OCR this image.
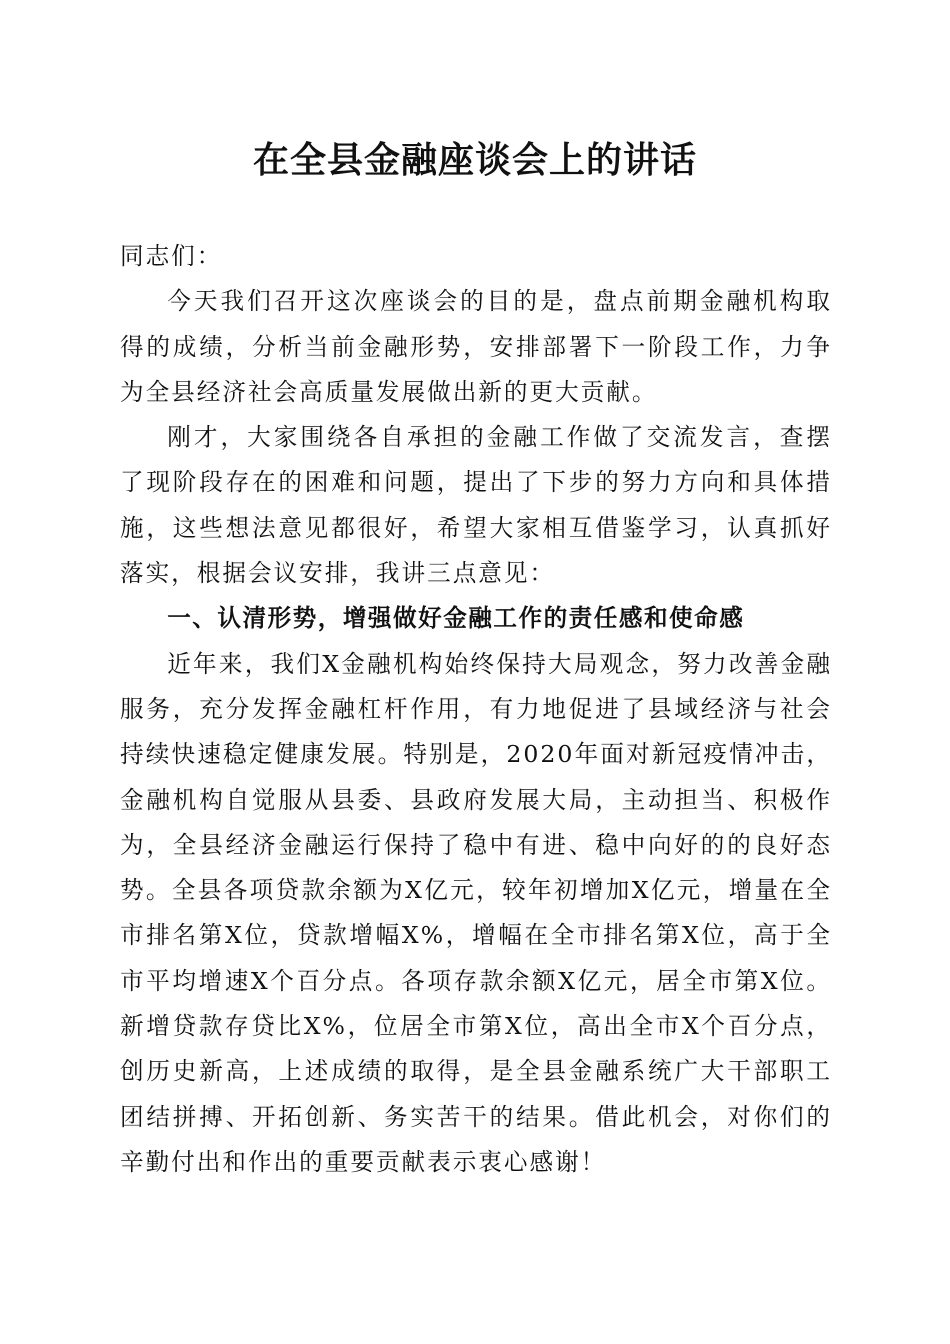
在全县金融座谈会上的讲话

同志们：

今天我们召开这次座谈会的目的是，盘点前期金融机构取得的成绩，分析当前金融形势，安排部署下一阶段工作，力争为全县经济社会高质量发展做出新的更大贡献。

刚才，大家围绕各自承担的金融工作做了交流发言，查摆了现阶段存在的困难和问题，提出了下步的努力方向和具体措施，这些想法意见都很好，希望大家相互借鉴学习，认真抓好落实，根据会议安排，我讲三点意见：

一、认清形势，增强做好金融工作的责任感和使命感

近年来，我们X金融机构始终保持大局观念，努力改善金融服务，充分发挥金融杠杆作用，有力地促进了县域经济与社会持续快速稳定健康发展。特别是，2020年面对新冠疫情冲击，金融机构自觉服从县委、县政府发展大局，主动担当、积极作为，全县经济金融运行保持了稳中有进、稳中向好的的良好态势。全县各项贷款余额为X亿元，较年初增加X亿元，增量在全市排名第X位，贷款增幅X%，增幅在全市排名第X位，高于全市平均增速X个百分点。各项存款余额X亿元，居全市第X位。新增贷款存贷比X%，位居全市第X位，高出全市X个百分点，创历史新高，上述成绩的取得，是全县金融系统广大干部职工团结拼搏、开拓创新、务实苦干的结果。借此机会，对你们的辛勤付出和作出的重要贡献表示衷心感谢！
